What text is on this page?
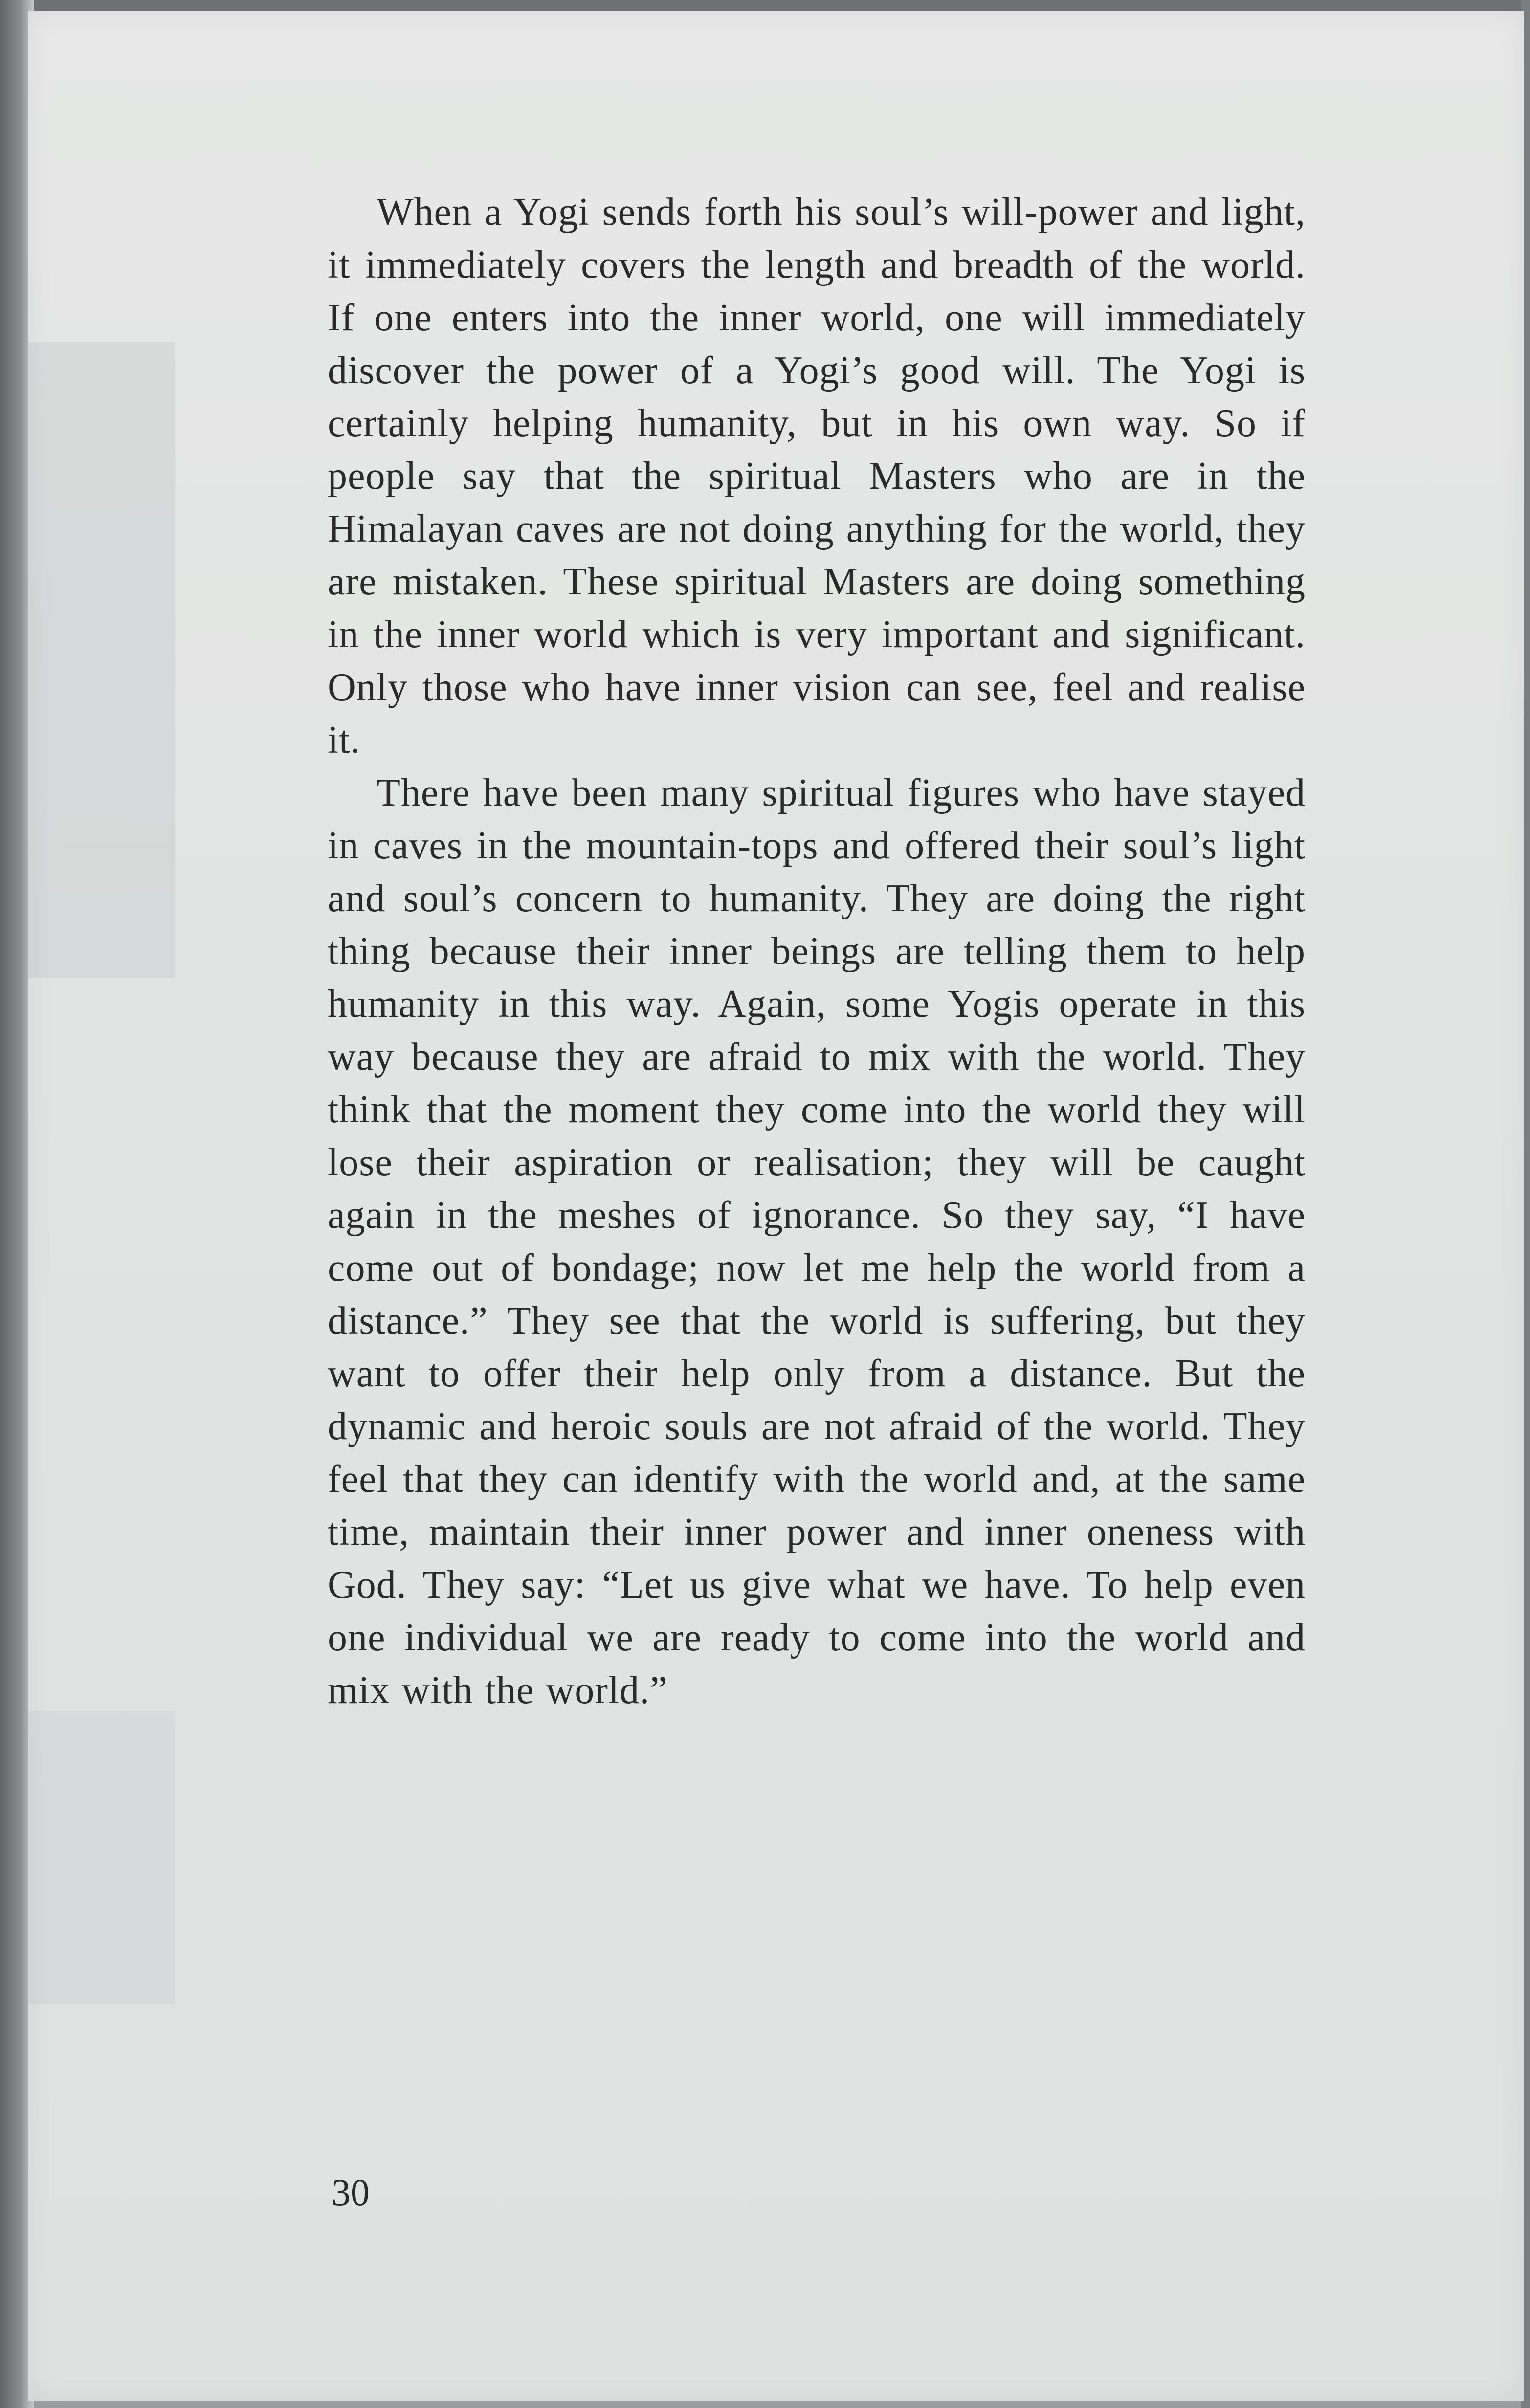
When a Yogi sends forth his soul’s will-power and light, it immediately covers the length and breadth of the world. If one enters into the inner world, one will immediately discover the power of a Yogi’s good will. The Yogi is certainly helping humanity, but in his own way. So if people say that the spiritual Masters who are in the Himalayan caves are not doing anything for the world, they are mistaken. These spiritual Masters are doing something in the inner world which is very important and significant. Only those who have inner vision can see, feel and realise it.

There have been many spiritual figures who have stayed in caves in the mountain-tops and offered their soul’s light and soul’s concern to humanity. They are doing the right thing because their inner beings are telling them to help humanity in this way. Again, some Yogis operate in this way because they are afraid to mix with the world. They think that the moment they come into the world they will lose their aspiration or realisation; they will be caught again in the meshes of ignorance. So they say, “I have come out of bondage; now let me help the world from a distance.” They see that the world is suffering, but they want to offer their help only from a distance. But the dynamic and heroic souls are not afraid of the world. They feel that they can identify with the world and, at the same time, maintain their inner power and inner oneness with God. They say: “Let us give what we have. To help even one individual we are ready to come into the world and mix with the world.”

30
